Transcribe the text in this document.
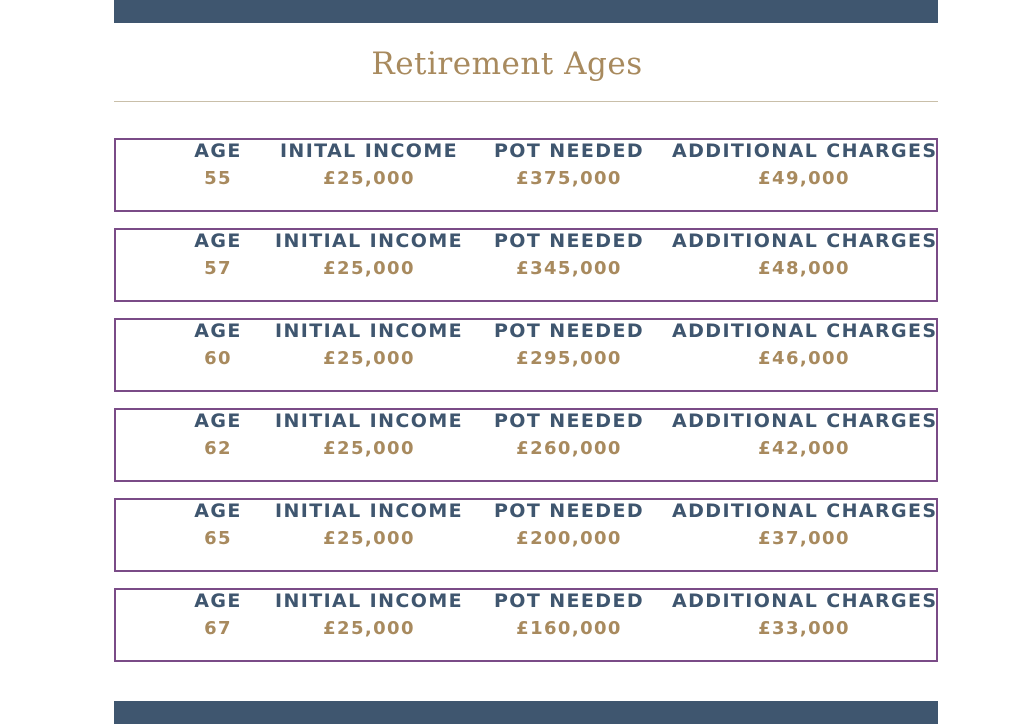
Retirement Ages
AGE
55
INITAL INCOME
£25,000
POT NEEDED
£375,000
ADDITIONAL CHARGES
£49,000
AGE
57
INITIAL INCOME
£25,000
POT NEEDED
£345,000
ADDITIONAL CHARGES
£48,000
AGE
60
INITIAL INCOME
£25,000
POT NEEDED
£295,000
ADDITIONAL CHARGES
£46,000
AGE
62
INITIAL INCOME
£25,000
POT NEEDED
£260,000
ADDITIONAL CHARGES
£42,000
AGE
65
INITIAL INCOME
£25,000
POT NEEDED
£200,000
ADDITIONAL CHARGES
£37,000
AGE
67
INITIAL INCOME
£25,000
POT NEEDED
£160,000
ADDITIONAL CHARGES
£33,000
